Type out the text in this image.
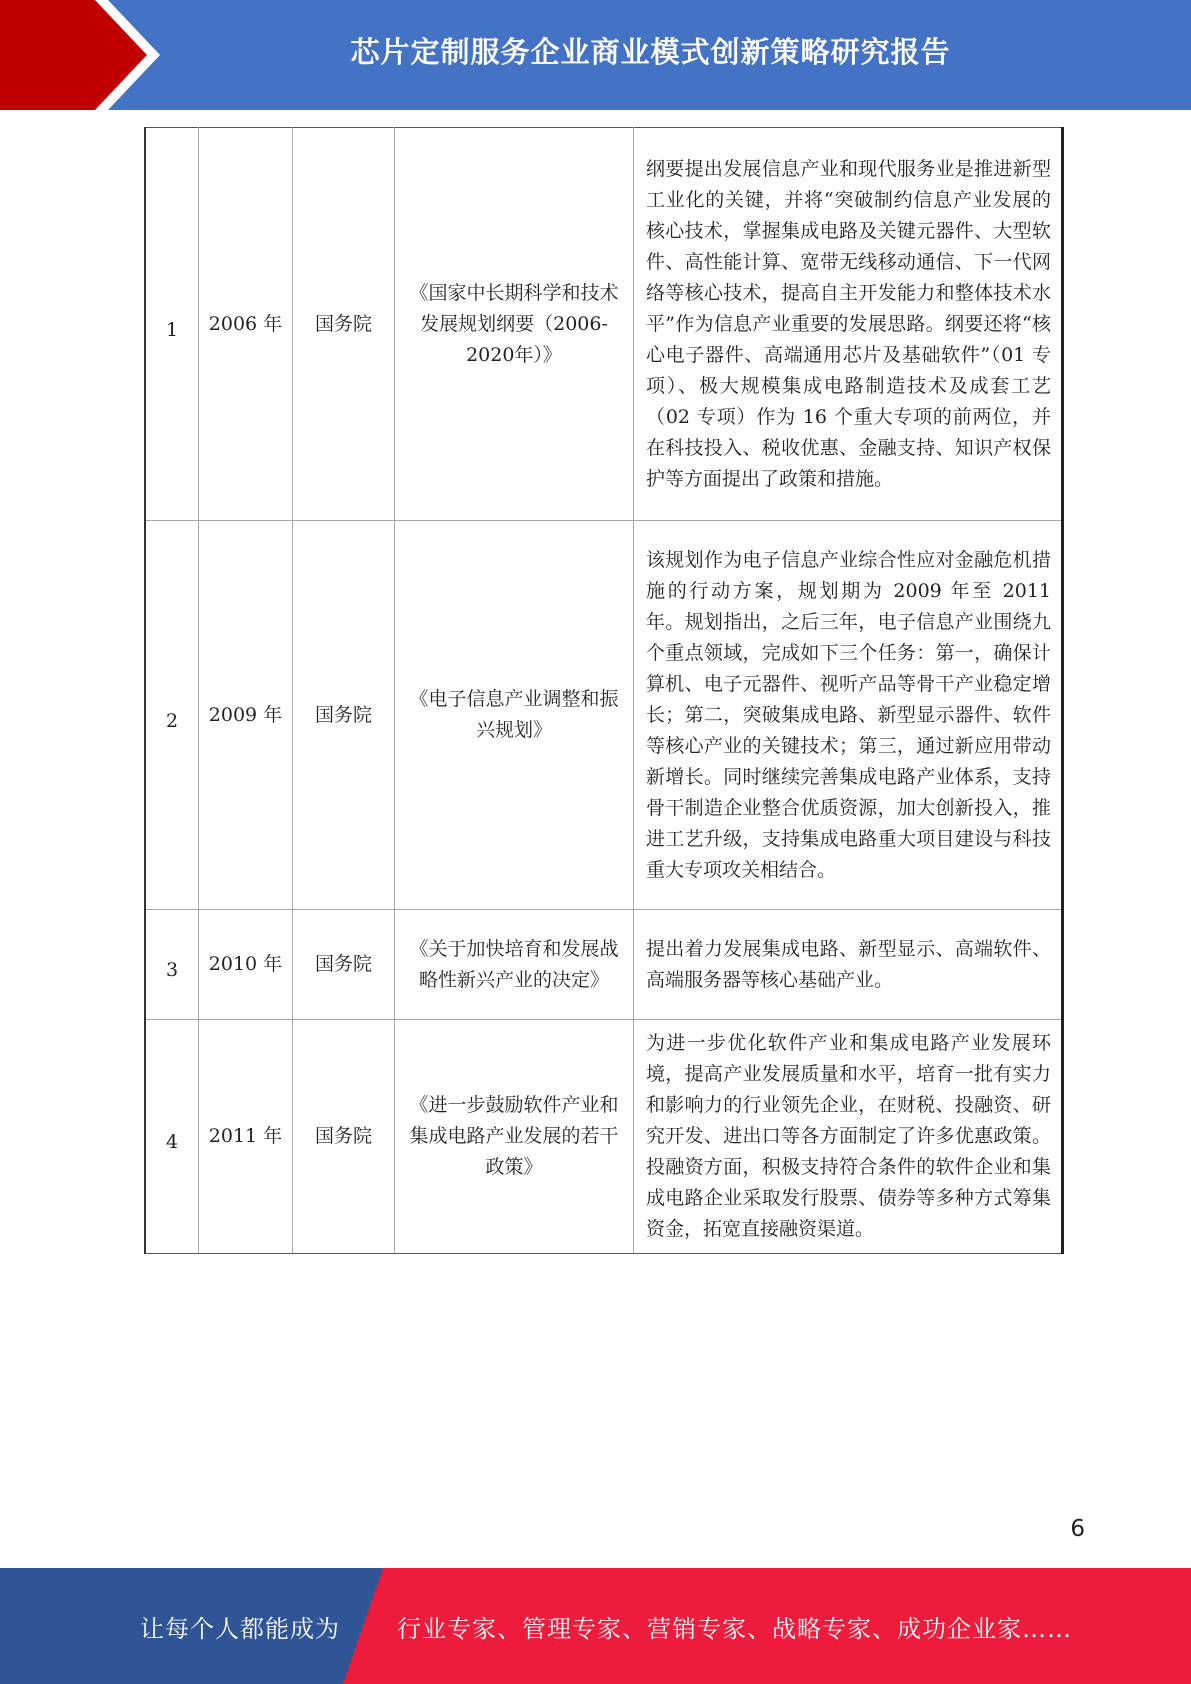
芯片定制服务企业商业模式创新策略研究报告
1	2006 年	国务院	《国家中长期科学和技术发展规划纲要（2006-2020年）》	纲要提出发展信息产业和现代服务业是推进新型工业化的关键，并将“突破制约信息产业发展的核心技术，掌握集成电路及关键元器件、大型软件、高性能计算、宽带无线移动通信、下一代网络等核心技术，提高自主开发能力和整体技术水平”作为信息产业重要的发展思路。纲要还将“核心电子器件、高端通用芯片及基础软件”（01 专项）、极大规模集成电路制造技术及成套工艺（02 专项）作为 16 个重大专项的前两位，并在科技投入、税收优惠、金融支持、知识产权保护等方面提出了政策和措施。
2	2009 年	国务院	《电子信息产业调整和振兴规划》	该规划作为电子信息产业综合性应对金融危机措施的行动方案，规划期为 2009 年至 2011 年。规划指出，之后三年，电子信息产业围绕九个重点领域，完成如下三个任务：第一，确保计算机、电子元器件、视听产品等骨干产业稳定增长；第二，突破集成电路、新型显示器件、软件等核心产业的关键技术；第三，通过新应用带动新增长。同时继续完善集成电路产业体系，支持骨干制造企业整合优质资源，加大创新投入，推进工艺升级，支持集成电路重大项目建设与科技重大专项攻关相结合。
3	2010 年	国务院	《关于加快培育和发展战略性新兴产业的决定》	提出着力发展集成电路、新型显示、高端软件、高端服务器等核心基础产业。
4	2011 年	国务院	《进一步鼓励软件产业和集成电路产业发展的若干政策》	为进一步优化软件产业和集成电路产业发展环境，提高产业发展质量和水平，培育一批有实力和影响力的行业领先企业，在财税、投融资、研究开发、进出口等各方面制定了许多优惠政策。投融资方面，积极支持符合条件的软件企业和集成电路企业采取发行股票、债券等多种方式筹集资金，拓宽直接融资渠道。
6
让每个人都能成为 行业专家、管理专家、营销专家、战略专家、成功企业家……
